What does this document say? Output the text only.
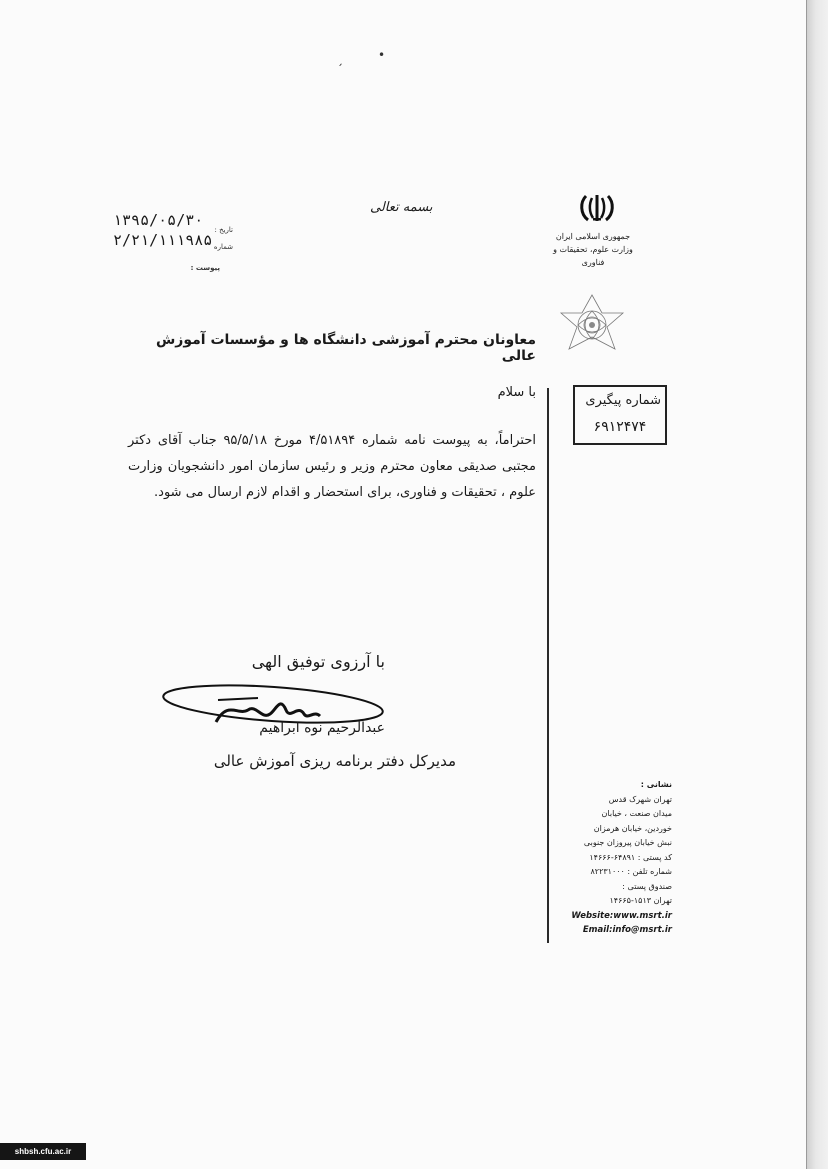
ˏ	•
بسمه تعالی
۱۳۹۵/۰۵/۳۰
تاریخ :
۲/۲۱/۱۱۱۹۸۵ شماره
پیوست :
جمهوری اسلامی ایران
وزارت علوم، تحقیقات و فناوری
معاونان محترم آموزشی دانشگاه ها و مؤسسات آموزش عالی
با سلام
احتراماً، به پیوست نامه شماره ۴/۵۱۸۹۴ مورخ ۹۵/۵/۱۸ جناب آقای دکتر مجتبی صدیقی معاون محترم وزیر و رئیس سازمان امور دانشجویان وزارت علوم ، تحقیقات و فناوری، برای استحضار و اقدام لازم ارسال می شود.
شماره پیگیری
۶۹۱۲۴۷۴
با آرزوی توفیق الهی
عبدالرحیم نوه ابراهیم
مدیرکل دفتر برنامه ریزی آموزش عالی
نشانی :
تهران شهرک قدس
میدان صنعت ، خیابان
خوردین، خیابان هرمزان
نبش خیابان پیروزان جنوبی
کد پستی : ۶۴۸۹۱-۱۴۶۶۶
شماره تلفن : ۸۲۲۳۱۰۰۰
صندوق پستی :
تهران ۱۵۱۳-۱۴۶۶۵
Website:www.msrt.ir
Email:info@msrt.ir
shbsh.cfu.ac.ir
